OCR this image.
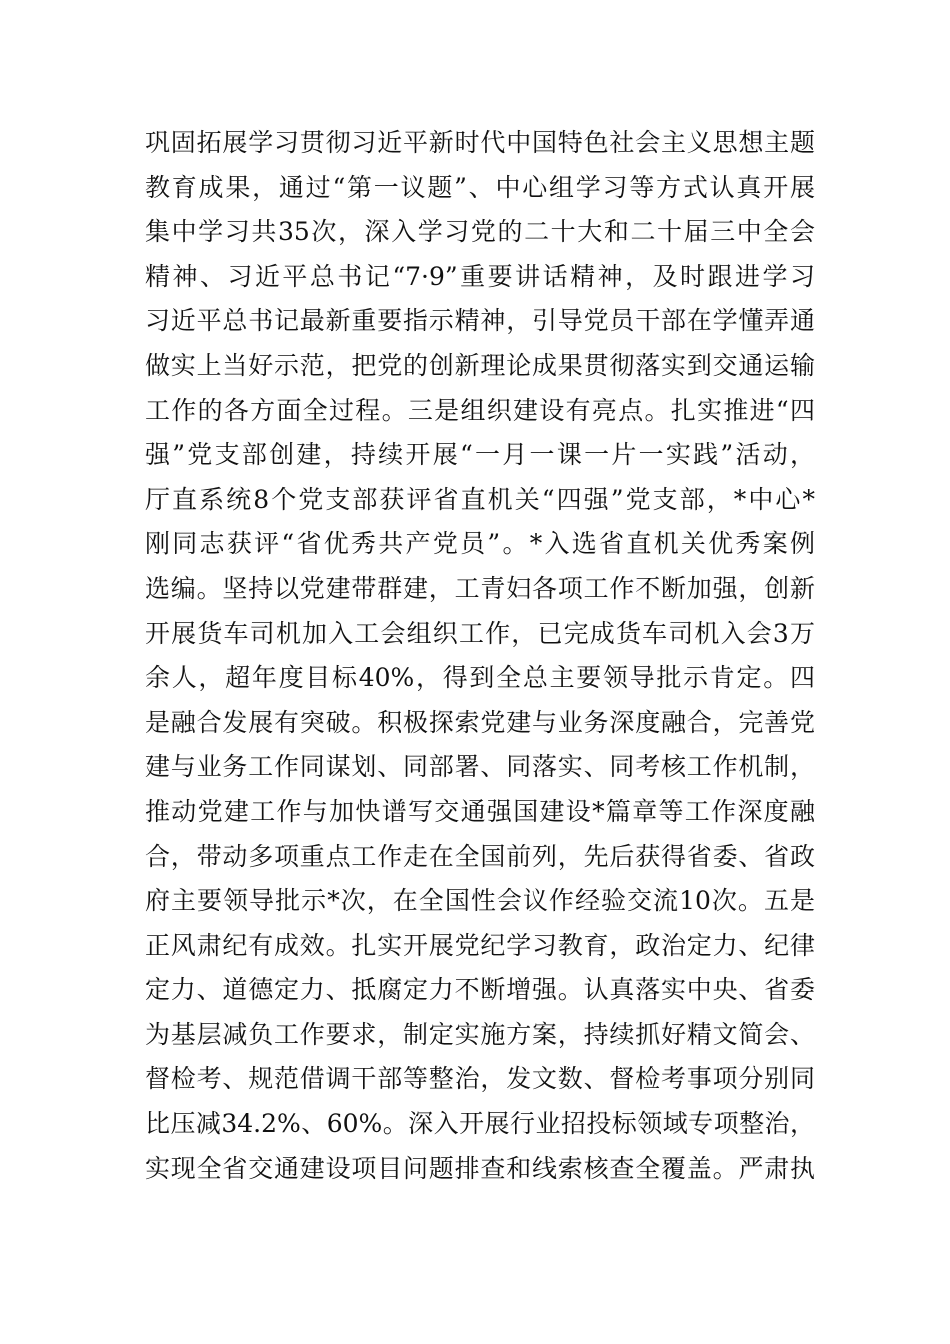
巩固拓展学习贯彻习近平新时代中国特色社会主义思想主题
教育成果，通过“第一议题”、中心组学习等方式认真开展
集中学习共35次，深入学习党的二十大和二十届三中全会
精神、习近平总书记“7·9”重要讲话精神，及时跟进学习
习近平总书记最新重要指示精神，引导党员干部在学懂弄通
做实上当好示范，把党的创新理论成果贯彻落实到交通运输
工作的各方面全过程。三是组织建设有亮点。扎实推进“四
强”党支部创建，持续开展“一月一课一片一实践”活动，
厅直系统8个党支部获评省直机关“四强”党支部，*中心*
刚同志获评“省优秀共产党员”。*入选省直机关优秀案例
选编。坚持以党建带群建，工青妇各项工作不断加强，创新
开展货车司机加入工会组织工作，已完成货车司机入会3万
余人，超年度目标40%，得到全总主要领导批示肯定。四
是融合发展有突破。积极探索党建与业务深度融合，完善党
建与业务工作同谋划、同部署、同落实、同考核工作机制，
推动党建工作与加快谱写交通强国建设*篇章等工作深度融
合，带动多项重点工作走在全国前列，先后获得省委、省政
府主要领导批示*次，在全国性会议作经验交流10次。五是
正风肃纪有成效。扎实开展党纪学习教育，政治定力、纪律
定力、道德定力、抵腐定力不断增强。认真落实中央、省委
为基层减负工作要求，制定实施方案，持续抓好精文简会、
督检考、规范借调干部等整治，发文数、督检考事项分别同
比压减34.2%、60%。深入开展行业招投标领域专项整治，
实现全省交通建设项目问题排查和线索核查全覆盖。严肃执
